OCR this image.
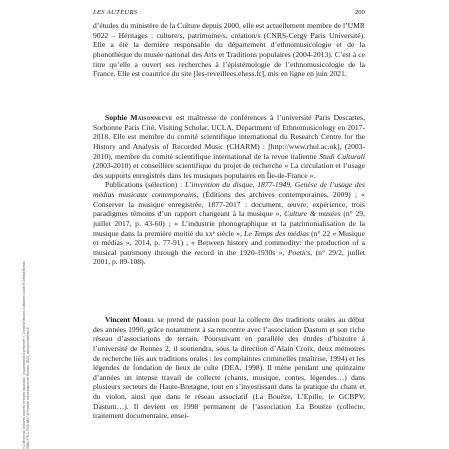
LES AUTEURS	209

d’études du ministère de la Culture depuis 2000, elle est actuellement membre de l’UMR 9022 – Héritages : culture/s, patrimoine/s, création/s (CNRS-Cergy Paris Université). Elle a été la dernière responsable du département d’ethnomusicologie et de la phonothèque du musée national des Arts et Traditions populaires (2004-2013). C’est à ce titre qu’elle a ouvert ses recherches à l’épistémologie de l’ethnomusicologie de la France. Elle est coautrice du site [les-reveillees.ehess.fr], mis en ligne en juin 2021.

Sophie Maisonneuve est maîtresse de conférences à l’université Paris Descartes, Sorbonne Paris Cité, Visiting Scholar, UCLA, Department of Ethnomusicology en 2017-2018. Elle est membre du comité scientifique international du Research Centre for the History and Analysis of Recorded Music (CHARM) : [http://www.rhul.ac.uk], (2003-2010), membre du comité scientifique international de la revue italienne Studi Culturali (2003-2010) et conseillère scientifique du projet de recherche « La circulation et l’usage des supports enregistrés dans les musiques populaires en Île-de-France ».

Publications (sélection) : L’invention du disque, 1877-1949. Genèse de l’usage des médias musicaux contemporains, (Éditions des archives contemporaines, 2009) ; « Conserver la musique enregistrée, 1877-2017 : document, œuvre, expérience, trois paradigmes témoins d’un rapport changeant à la musique », Culture & musées (n° 29, juillet 2017, p. 43-60) ; « L’industrie phonographique et la patrimonialisation de la musique dans la première moitié du xxᵉ siècle », Le Temps des médias (n° 22 « Musique et médias », 2014, p. 77-91) ; « Between history and commodity: the production of a musical patrimony through the record in the 1920-1930s », Poetics, (n° 29/2, juillet 2001, p. 89-108).

Vincent Morel se prend de passion pour la collecte des traditions orales au début des années 1990, grâce notamment à sa rencontre avec l’association Dastum et son riche réseau d’associations de terrain. Poursuivant en parallèle des études d’histoire à l’université de Rennes 2, il soutiendra, sous la direction d’Alain Croix, deux mémoires de recherche liés aux traditions orales : les complaintes criminelles (maîtrise, 1994) et les légendes de fondation de lieux de culte (DEA, 1998). Il mène pendant une quinzaine d’années un intense travail de collecte (chants, musique, contes, légendes…) dans plusieurs secteurs de Haute-Bretagne, tout en s’investissant dans la pratique du chant et du violon, ainsi que dans le réseau associatif (La Bouëze, L’Epille, le GCBPV, Dastum…). Il devient en 1998 permanent de l’association La Bouëze (collecte, traitement documentaire, ensei-

« Collections, archives sonores et objets musicaux : un patrimoine à préserver », Christine Brunet, Guillaume Duval et Gérard Borras ISBN 978-2-7535-8897-8 Presses universitaires de Rennes, 2023, www.pur-editions.fr
